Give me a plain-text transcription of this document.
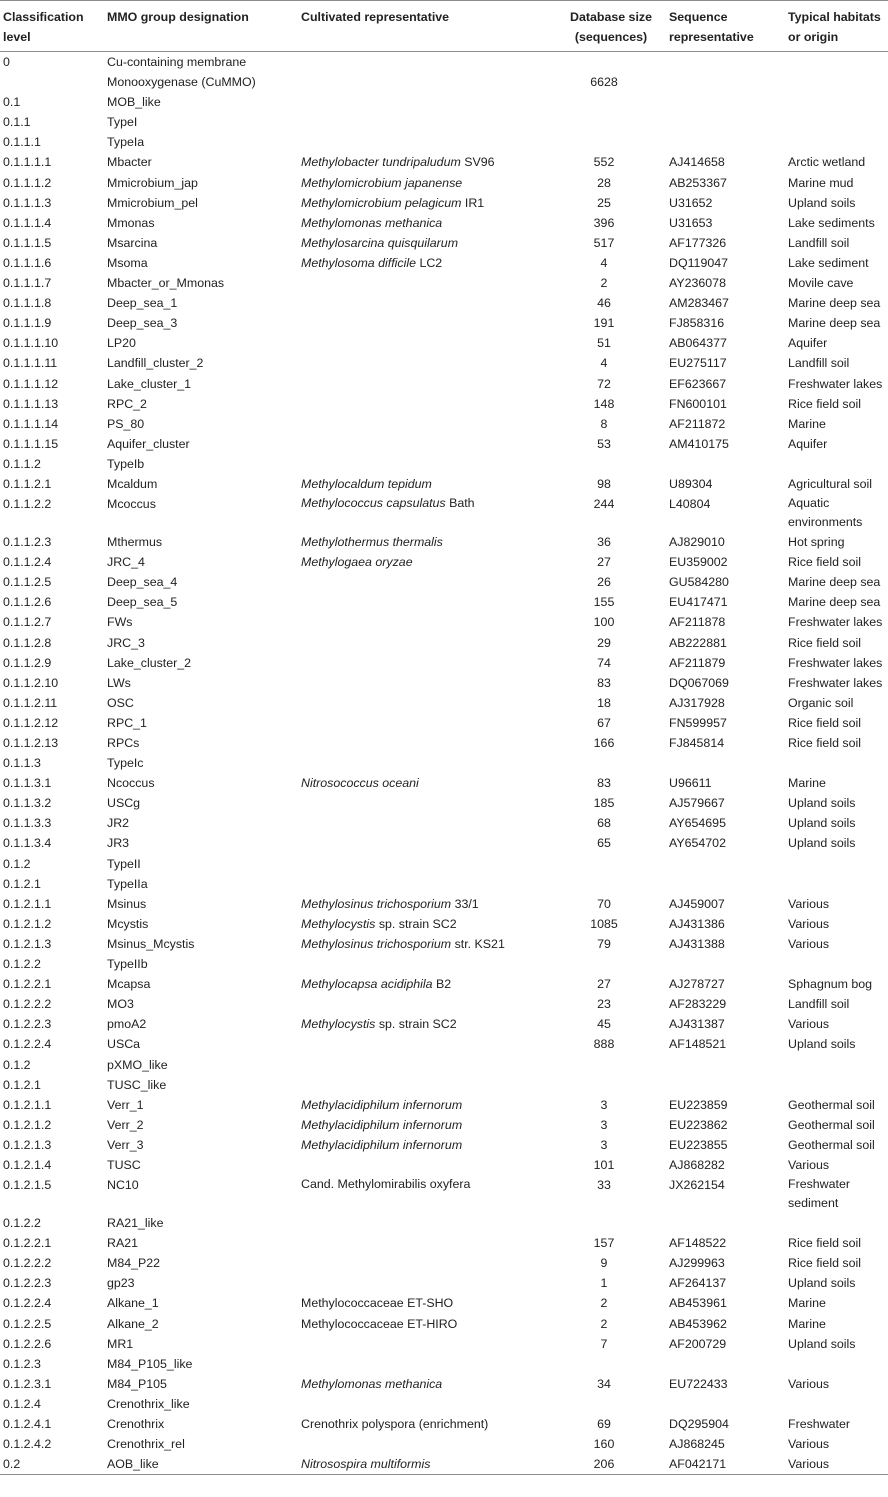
Classification	MMO group designation	Cultivated representative	Database size	Sequence	Typical habitats
level			(sequences)	representative	or origin
0	Cu-containing membrane				
	Monooxygenase (CuMMO)		6628		
0.1	MOB_like				
0.1.1	TypeI				
0.1.1.1	TypeIa				
0.1.1.1.1	Mbacter	Methylobacter tundripaludum SV96	552	AJ414658	Arctic wetland
0.1.1.1.2	Mmicrobium_jap	Methylomicrobium japanense	28	AB253367	Marine mud
0.1.1.1.3	Mmicrobium_pel	Methylomicrobium pelagicum IR1	25	U31652	Upland soils
0.1.1.1.4	Mmonas	Methylomonas methanica	396	U31653	Lake sediments
0.1.1.1.5	Msarcina	Methylosarcina quisquilarum	517	AF177326	Landfill soil
0.1.1.1.6	Msoma	Methylosoma difficile LC2	4	DQ119047	Lake sediment
0.1.1.1.7	Mbacter_or_Mmonas		2	AY236078	Movile cave
0.1.1.1.8	Deep_sea_1		46	AM283467	Marine deep sea
0.1.1.1.9	Deep_sea_3		191	FJ858316	Marine deep sea
0.1.1.1.10	LP20		51	AB064377	Aquifer
0.1.1.1.11	Landfill_cluster_2		4	EU275117	Landfill soil
0.1.1.1.12	Lake_cluster_1		72	EF623667	Freshwater lakes
0.1.1.1.13	RPC_2		148	FN600101	Rice field soil
0.1.1.1.14	PS_80		8	AF211872	Marine
0.1.1.1.15	Aquifer_cluster		53	AM410175	Aquifer
0.1.1.2	TypeIb				
0.1.1.2.1	Mcaldum	Methylocaldum tepidum	98	U89304	Agricultural soil
0.1.1.2.2	Mcoccus	Methylococcus capsulatus Bath	244	L40804	Aquatic environments
0.1.1.2.3	Mthermus	Methylothermus thermalis	36	AJ829010	Hot spring
0.1.1.2.4	JRC_4	Methylogaea oryzae	27	EU359002	Rice field soil
0.1.1.2.5	Deep_sea_4		26	GU584280	Marine deep sea
0.1.1.2.6	Deep_sea_5		155	EU417471	Marine deep sea
0.1.1.2.7	FWs		100	AF211878	Freshwater lakes
0.1.1.2.8	JRC_3		29	AB222881	Rice field soil
0.1.1.2.9	Lake_cluster_2		74	AF211879	Freshwater lakes
0.1.1.2.10	LWs		83	DQ067069	Freshwater lakes
0.1.1.2.11	OSC		18	AJ317928	Organic soil
0.1.1.2.12	RPC_1		67	FN599957	Rice field soil
0.1.1.2.13	RPCs		166	FJ845814	Rice field soil
0.1.1.3	TypeIc				
0.1.1.3.1	Ncoccus	Nitrosococcus oceani	83	U96611	Marine
0.1.1.3.2	USCg		185	AJ579667	Upland soils
0.1.1.3.3	JR2		68	AY654695	Upland soils
0.1.1.3.4	JR3		65	AY654702	Upland soils
0.1.2	TypeII				
0.1.2.1	TypeIIa				
0.1.2.1.1	Msinus	Methylosinus trichosporium 33/1	70	AJ459007	Various
0.1.2.1.2	Mcystis	Methylocystis sp. strain SC2	1085	AJ431386	Various
0.1.2.1.3	Msinus_Mcystis	Methylosinus trichosporium str. KS21	79	AJ431388	Various
0.1.2.2	TypeIIb				
0.1.2.2.1	Mcapsa	Methylocapsa acidiphila B2	27	AJ278727	Sphagnum bog
0.1.2.2.2	MO3		23	AF283229	Landfill soil
0.1.2.2.3	pmoA2	Methylocystis sp. strain SC2	45	AJ431387	Various
0.1.2.2.4	USCa		888	AF148521	Upland soils
0.1.2	pXMO_like				
0.1.2.1	TUSC_like				
0.1.2.1.1	Verr_1	Methylacidiphilum infernorum	3	EU223859	Geothermal soil
0.1.2.1.2	Verr_2	Methylacidiphilum infernorum	3	EU223862	Geothermal soil
0.1.2.1.3	Verr_3	Methylacidiphilum infernorum	3	EU223855	Geothermal soil
0.1.2.1.4	TUSC		101	AJ868282	Various
0.1.2.1.5	NC10	Cand. Methylomirabilis oxyfera	33	JX262154	Freshwater sediment
0.1.2.2	RA21_like				
0.1.2.2.1	RA21		157	AF148522	Rice field soil
0.1.2.2.2	M84_P22		9	AJ299963	Rice field soil
0.1.2.2.3	gp23		1	AF264137	Upland soils
0.1.2.2.4	Alkane_1	Methylococcaceae ET-SHO	2	AB453961	Marine
0.1.2.2.5	Alkane_2	Methylococcaceae ET-HIRO	2	AB453962	Marine
0.1.2.2.6	MR1		7	AF200729	Upland soils
0.1.2.3	M84_P105_like				
0.1.2.3.1	M84_P105	Methylomonas methanica	34	EU722433	Various
0.1.2.4	Crenothrix_like				
0.1.2.4.1	Crenothrix	Crenothrix polyspora (enrichment)	69	DQ295904	Freshwater
0.1.2.4.2	Crenothrix_rel		160	AJ868245	Various
0.2	AOB_like	Nitrosospira multiformis	206	AF042171	Various
